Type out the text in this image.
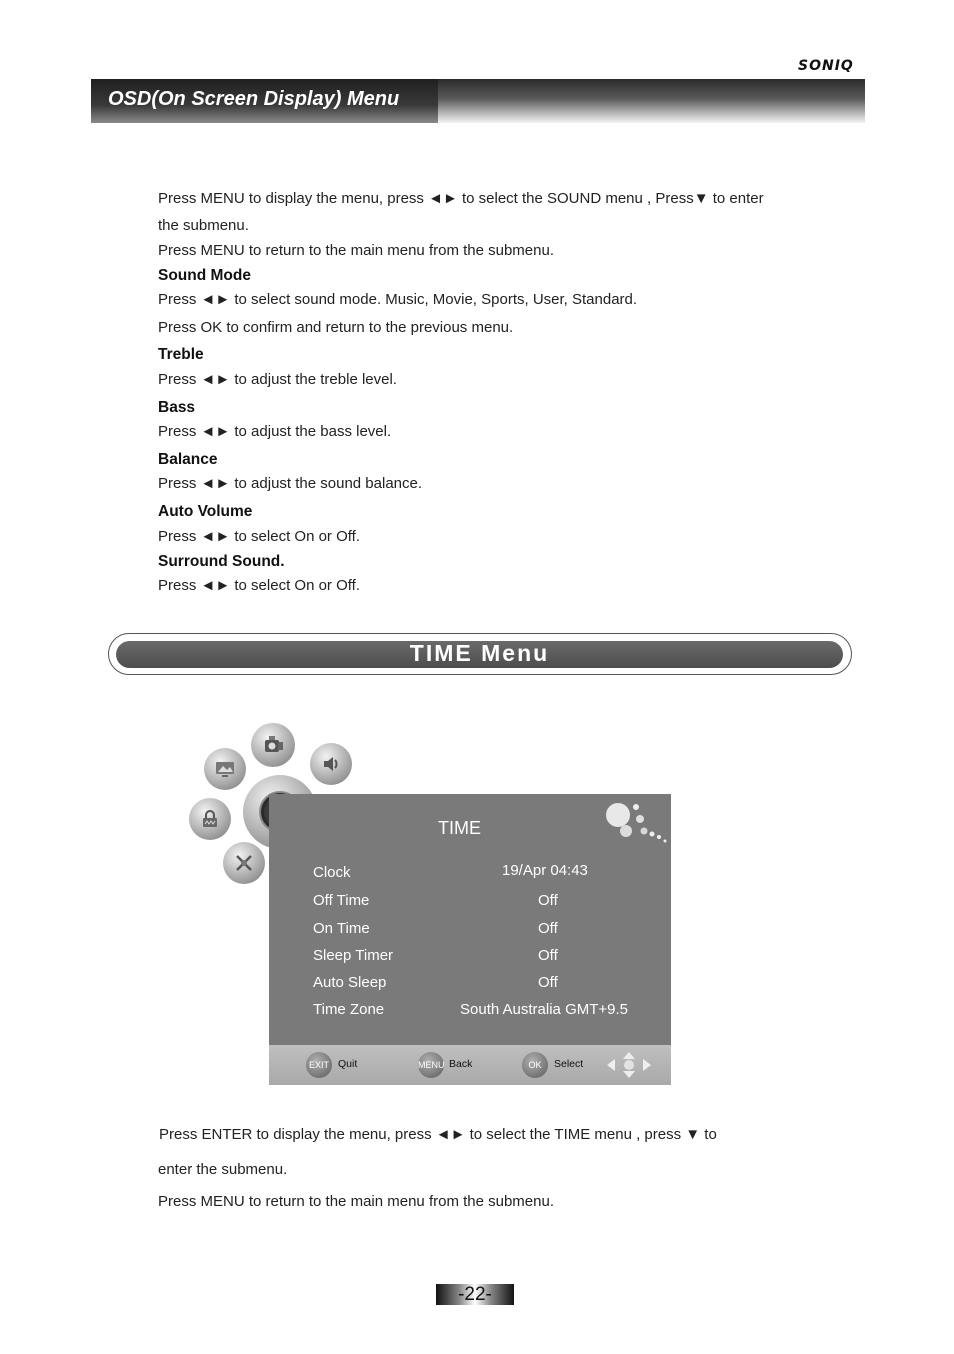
SONIQ
OSD(On Screen Display) Menu
Press MENU to display the menu, press ◄► to select the SOUND menu , Press▼ to enter
the submenu.
Press MENU to return to the main menu from the submenu.
Sound Mode
Press ◄► to select sound mode. Music, Movie, Sports, User, Standard.
Press OK to confirm and return to the previous menu.
Treble
Press ◄► to adjust the treble level.
Bass
Press ◄► to adjust the bass level.
Balance
Press ◄► to adjust the sound balance.
Auto Volume
Press ◄► to select On or Off.
Surround Sound.
Press ◄► to select On or Off.
TIME Menu
TIME
Clock	19/Apr 04:43
Off Time	Off
On Time	Off
Sleep Timer	Off
Auto Sleep	Off
Time Zone	South Australia GMT+9.5
EXIT Quit	MENU Back	OK	Select
Press ENTER to display the menu, press ◄► to select the TIME menu , press ▼ to
enter the submenu.
Press MENU to return to the main menu from the submenu.
-22-
